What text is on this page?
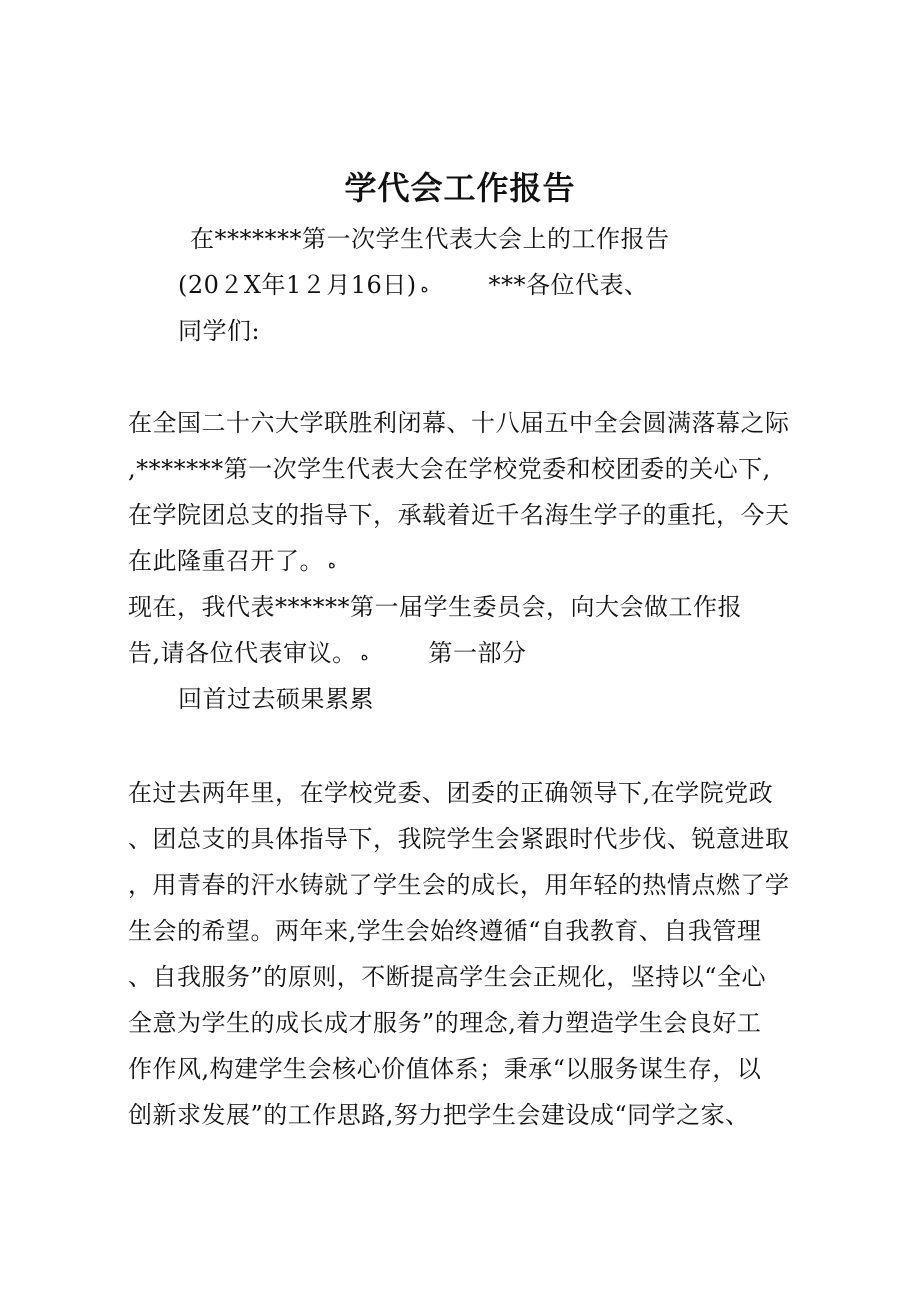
学代会工作报告
在*******第一次学生代表大会上的工作报告
(20２X年1２月16日) ﻩ	***各位代表、
同学们:
在全国二十六大学联胜利闭幕、十八届五中全会圆满落幕之际
,*******第一次学生代表大会在学校党委和校团委的关心下,
在学院团总支的指导下，承载着近千名海生学子的重托，今天
在此隆重召开了。 ﻩ
现在，我代表******第一届学生委员会，向大会做工作报
告,请各位代表审议。 ﻩ	第一部分
回首过去硕果累累
在过去两年里，在学校党委、团委的正确领导下,在学院党政
、团总支的具体指导下，我院学生会紧跟时代步伐、锐意进取
，用青春的汗水铸就了学生会的成长，用年轻的热情点燃了学
生会的希望。两年来,学生会始终遵循“自我教育、自我管理
、自我服务”的原则，不断提高学生会正规化，坚持以“全心
全意为学生的成长成才服务”的理念,着力塑造学生会良好工
作作风,构建学生会核心价值体系；秉承“以服务谋生存，以
创新求发展”的工作思路,努力把学生会建设成“同学之家、
